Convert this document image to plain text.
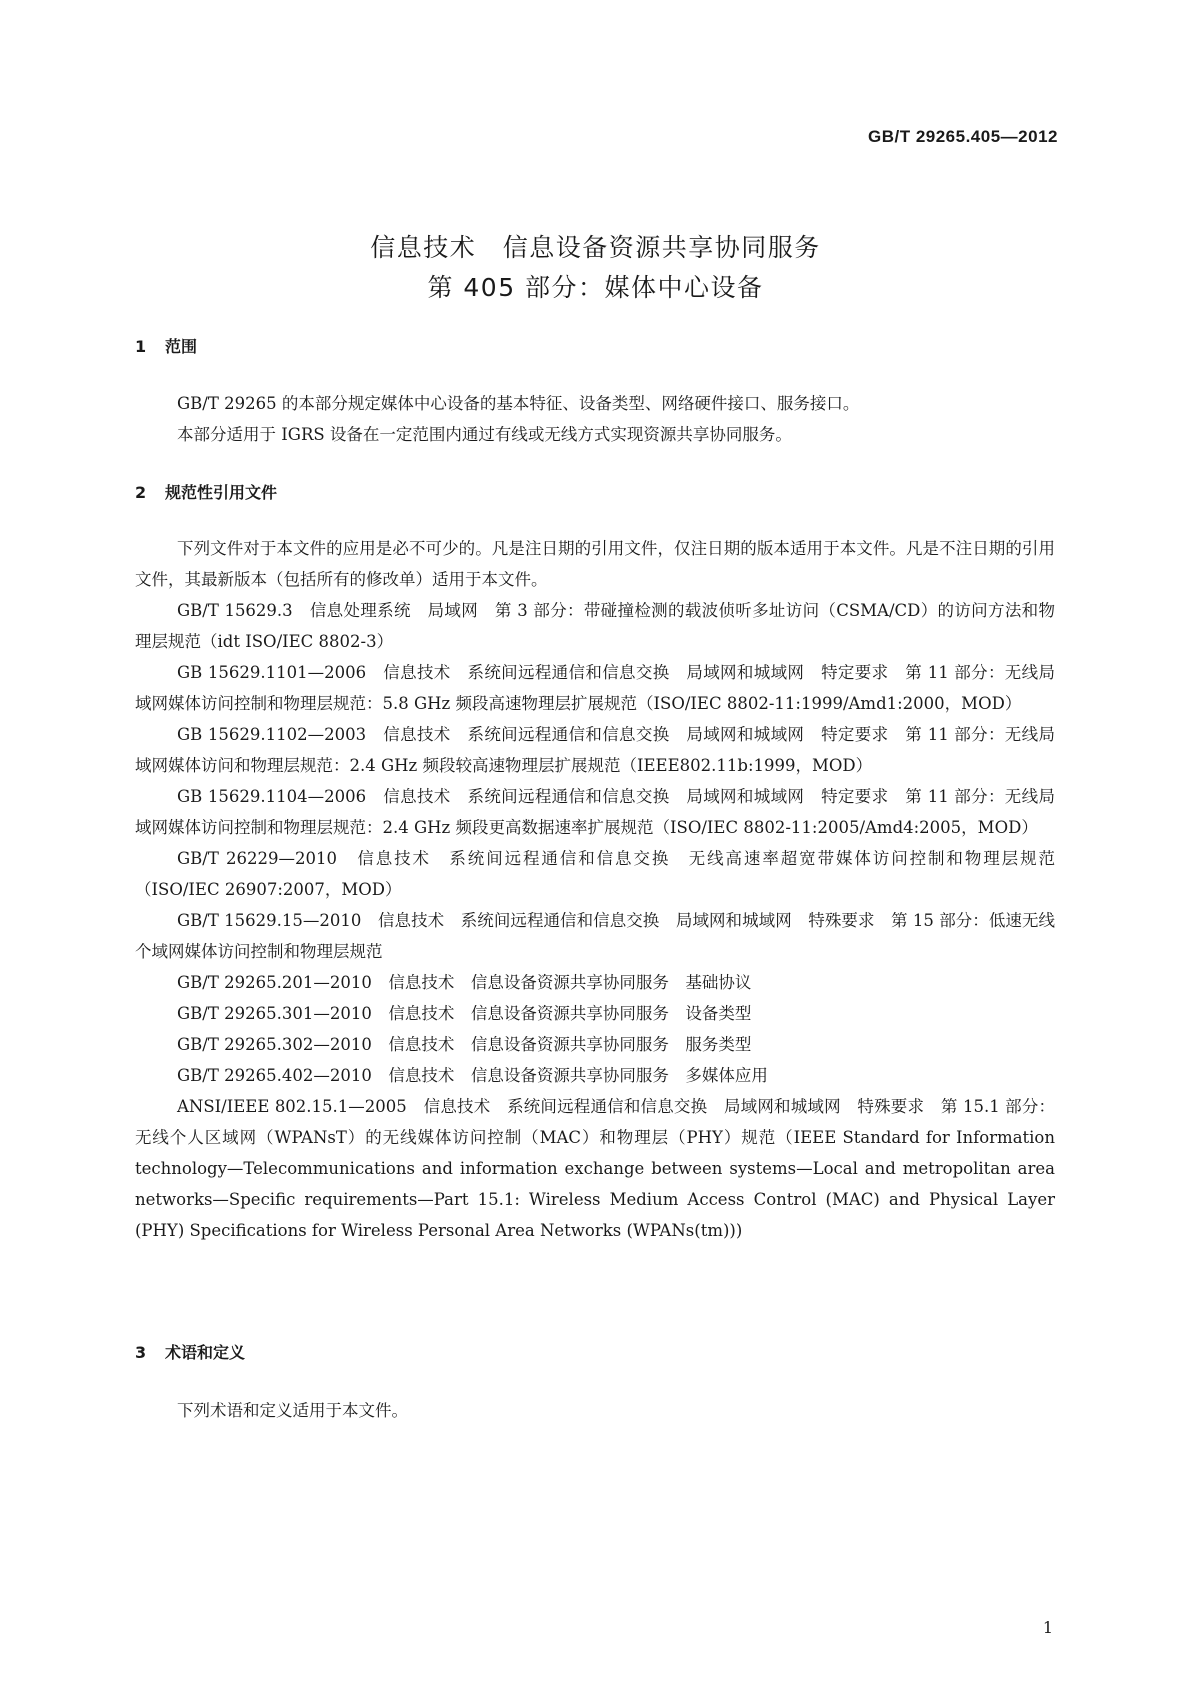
GB/T 29265.405—2012
信息技术　信息设备资源共享协同服务
第 405 部分：媒体中心设备
1 范围

GB/T 29265 的本部分规定媒体中心设备的基本特征、设备类型、网络硬件接口、服务接口。

本部分适用于 IGRS 设备在一定范围内通过有线或无线方式实现资源共享协同服务。

2 规范性引用文件

下列文件对于本文件的应用是必不可少的。凡是注日期的引用文件，仅注日期的版本适用于本文件。凡是不注日期的引用文件，其最新版本（包括所有的修改单）适用于本文件。

GB/T 15629.3　信息处理系统　局域网　第 3 部分：带碰撞检测的载波侦听多址访问（CSMA/CD）的访问方法和物理层规范（idt ISO/IEC 8802-3）

GB 15629.1101—2006　信息技术　系统间远程通信和信息交换　局域网和城域网　特定要求　第 11 部分：无线局域网媒体访问控制和物理层规范：5.8 GHz 频段高速物理层扩展规范（ISO/IEC 8802-11:1999/Amd1:2000，MOD）

GB 15629.1102—2003　信息技术　系统间远程通信和信息交换　局域网和城域网　特定要求　第 11 部分：无线局域网媒体访问和物理层规范：2.4 GHz 频段较高速物理层扩展规范（IEEE802.11b:1999，MOD）

GB 15629.1104—2006　信息技术　系统间远程通信和信息交换　局域网和城域网　特定要求　第 11 部分：无线局域网媒体访问控制和物理层规范：2.4 GHz 频段更高数据速率扩展规范（ISO/IEC 8802-11:2005/Amd4:2005，MOD）

GB/T 26229—2010　信息技术　系统间远程通信和信息交换　无线高速率超宽带媒体访问控制和物理层规范（ISO/IEC 26907:2007，MOD）

GB/T 15629.15—2010　信息技术　系统间远程通信和信息交换　局域网和城域网　特殊要求　第 15 部分：低速无线个域网媒体访问控制和物理层规范

GB/T 29265.201—2010　信息技术　信息设备资源共享协同服务　基础协议

GB/T 29265.301—2010　信息技术　信息设备资源共享协同服务　设备类型

GB/T 29265.302—2010　信息技术　信息设备资源共享协同服务　服务类型

GB/T 29265.402—2010　信息技术　信息设备资源共享协同服务　多媒体应用

ANSI/IEEE 802.15.1—2005　信息技术　系统间远程通信和信息交换　局域网和城域网　特殊要求　第 15.1 部分：无线个人区域网（WPANsT）的无线媒体访问控制（MAC）和物理层（PHY）规范（IEEE Standard for Information technology—Telecommunications and information exchange between systems—Local and metropolitan area networks—Specific requirements—Part 15.1: Wireless Medium Access Control (MAC) and Physical Layer (PHY) Specifications for Wireless Personal Area Networks (WPANs(tm)))

3 术语和定义

下列术语和定义适用于本文件。

1
